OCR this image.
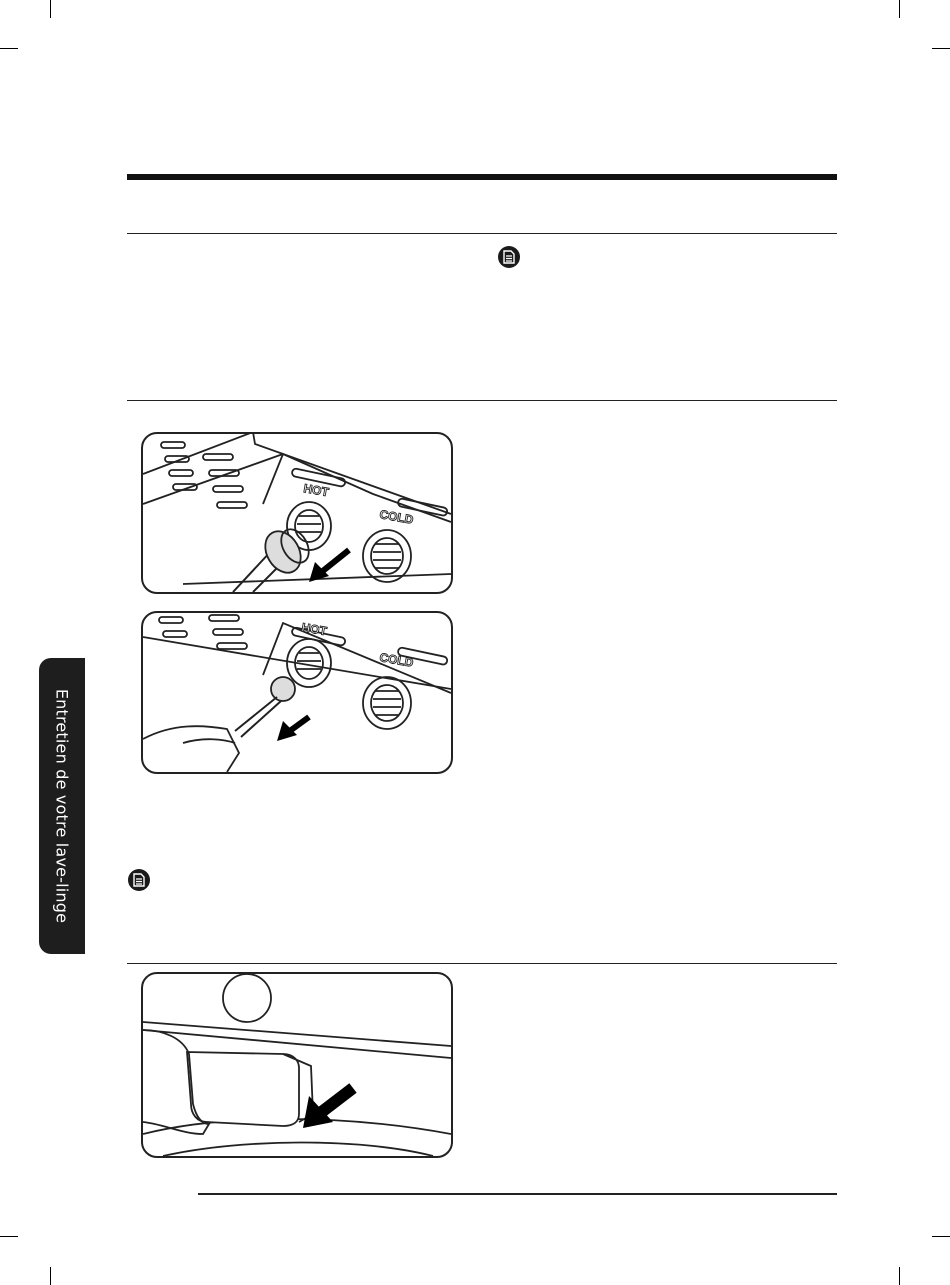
HOT
COLD
HOT
COLD
Entretien de votre lave-linge
